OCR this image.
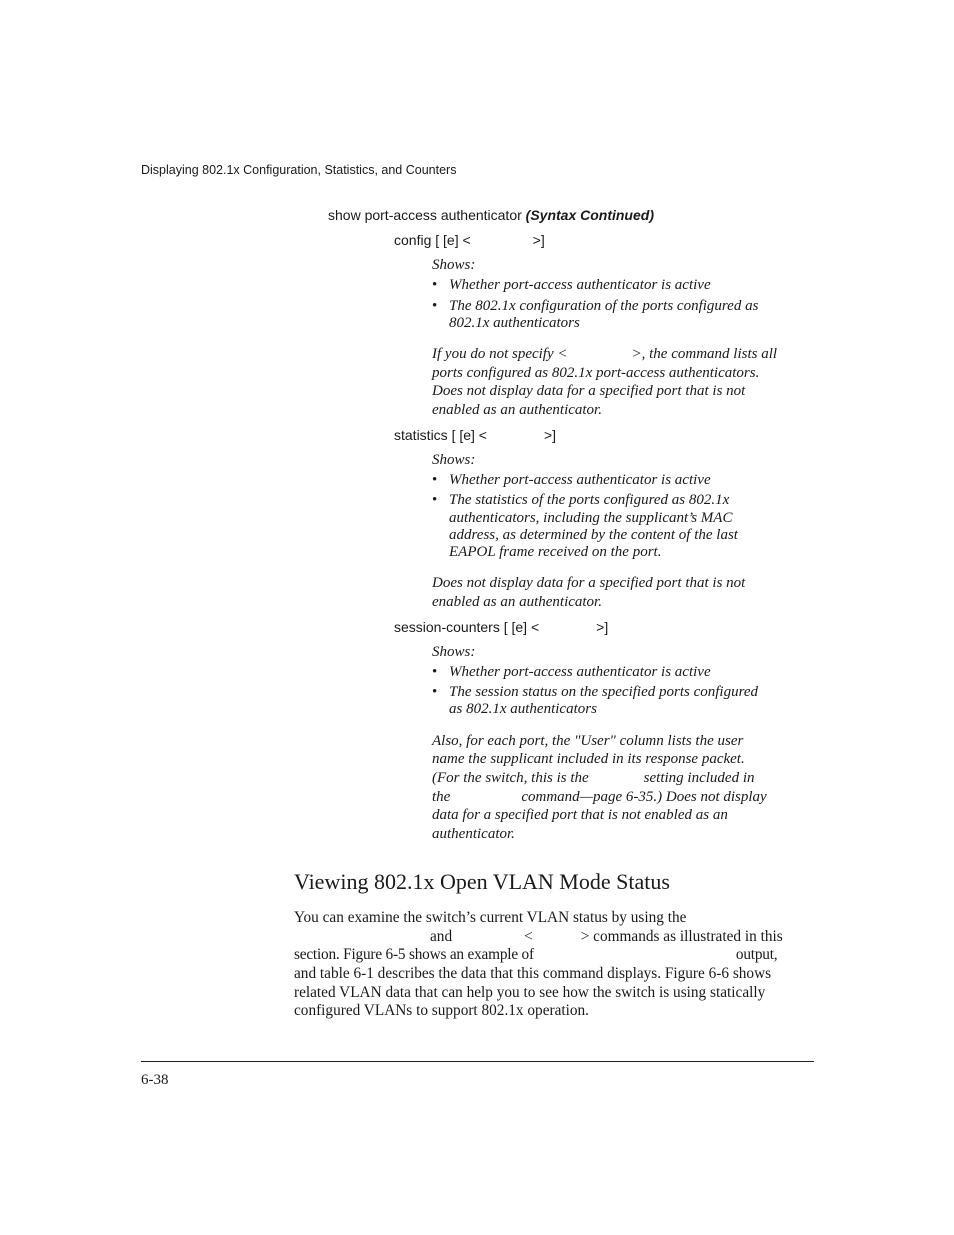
Displaying 802.1x Configuration, Statistics, and Counters
show port-access authenticator (Syntax Continued)
config [ [e] <	>]
Shows:
• Whether port-access authenticator is active
• The 802.1x configuration of the ports configured as
802.1x authenticators
If you do not specify <	>, the command lists all
ports configured as 802.1x port-access authenticators.
Does not display data for a specified port that is not
enabled as an authenticator.
statistics [ [e] <	>]
Shows:
• Whether port-access authenticator is active
• The statistics of the ports configured as 802.1x
authenticators, including the supplicant’s MAC
address, as determined by the content of the last
EAPOL frame received on the port.
Does not display data for a specified port that is not
enabled as an authenticator.
session-counters [ [e] <	>]
Shows:
• Whether port-access authenticator is active
• The session status on the specified ports configured
as 802.1x authenticators
Also, for each port, the "User" column lists the user
name the supplicant included in its response packet.
(For the switch, this is the	setting included in
the	command—page 6-35.) Does not display
data for a specified port that is not enabled as an
authenticator.
Viewing 802.1x Open VLAN Mode Status
You can examine the switch’s current VLAN status by using the
and	<	> commands as illustrated in this
section. Figure 6-5 shows an example of	output,
and table 6-1 describes the data that this command displays. Figure 6-6 shows
related VLAN data that can help you to see how the switch is using statically
configured VLANs to support 802.1x operation.
6-38
